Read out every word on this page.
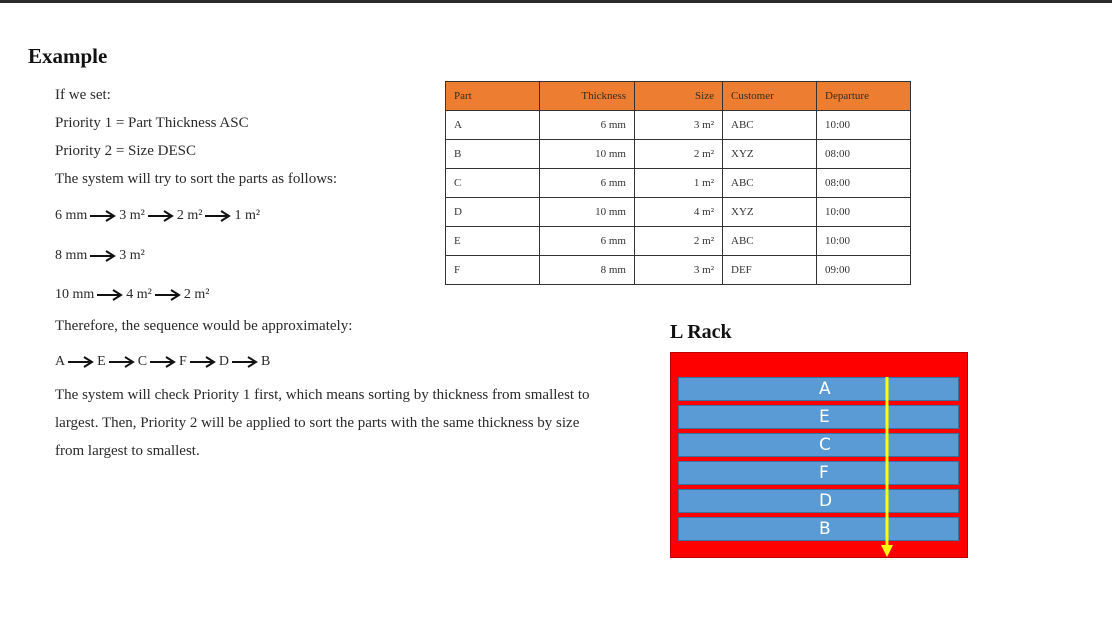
Example
If we set:
Priority 1 = Part Thickness ASC
Priority 2 = Size DESC
The system will try to sort the parts as follows:
6 mm 3 m² 2 m² 1 m²
8 mm 3 m²
10 mm 4 m² 2 m²
Therefore, the sequence would be approximately:
A E C F D B
The system will check Priority 1 first, which means sorting by thickness from smallest to largest. Then, Priority 2 will be applied to sort the parts with the same thickness by size from largest to smallest.
Part	Thickness	Size	Customer	Departure
A	6 mm	3 m²	ABC	10:00
B	10 mm	2 m²	XYZ	08:00
C	6 mm	1 m²	ABC	08:00
D	10 mm	4 m²	XYZ	10:00
E	6 mm	2 m²	ABC	10:00
F	8 mm	3 m²	DEF	09:00
L Rack
A
E
C
F
D
B
